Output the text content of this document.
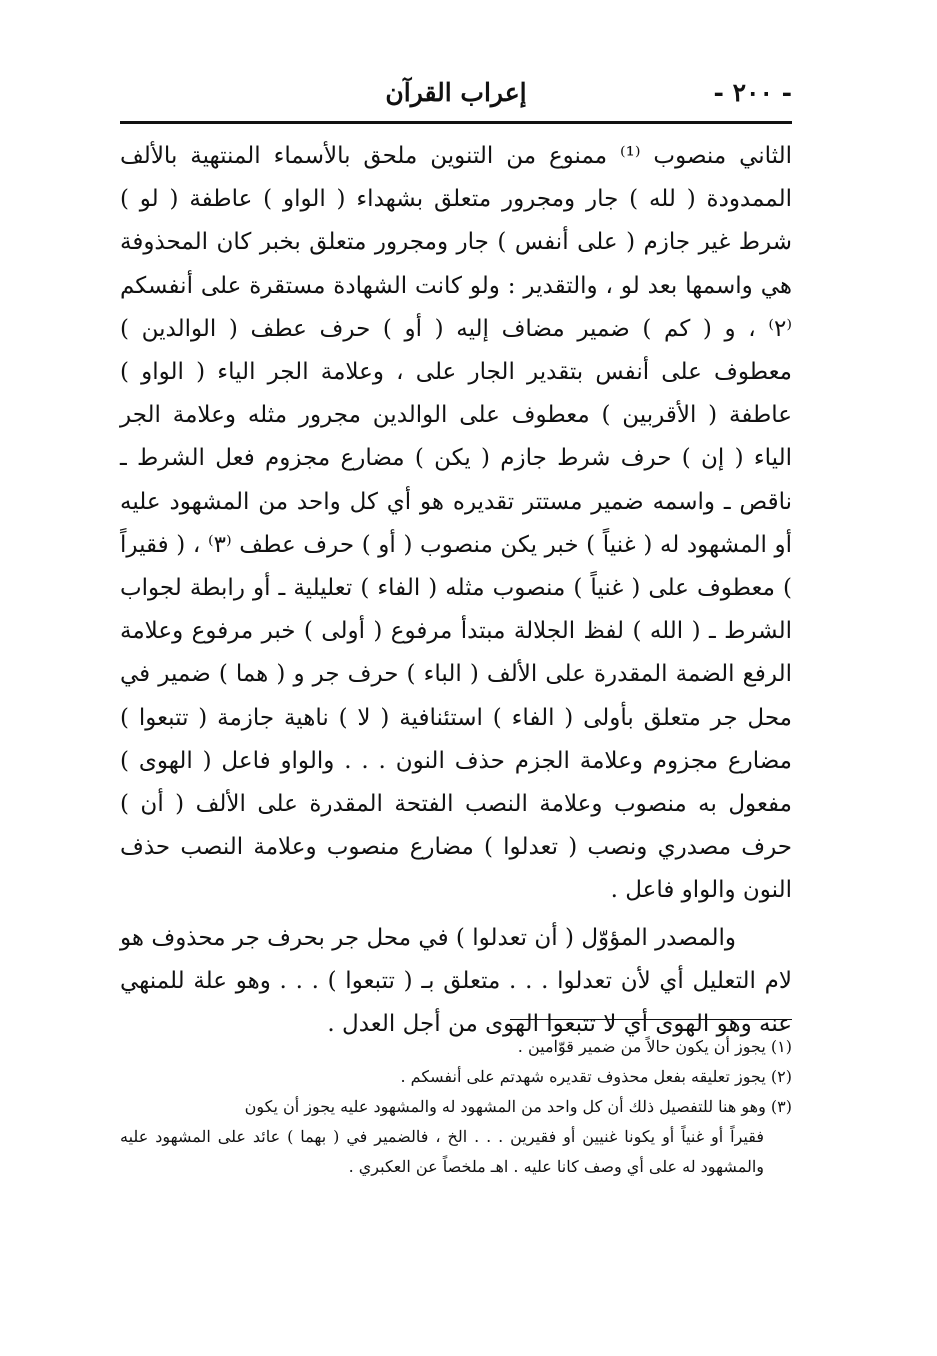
- ٢٠٠ -
إعراب القرآن

الثاني منصوب ⁽¹⁾ ممنوع من التنوين ملحق بالأسماء المنتهية بالألف الممدودة ( لله ) جار ومجرور متعلق بشهداء ( الواو ) عاطفة ( لو ) شرط غير جازم ( على أنفس ) جار ومجرور متعلق بخبر كان المحذوفة هي واسمها بعد لو ، والتقدير : ولو كانت الشهادة مستقرة على أنفسكم ⁽٢⁾ ، و ( كم ) ضمير مضاف إليه ( أو ) حرف عطف ( الوالدين ) معطوف على أنفس بتقدير الجار على ، وعلامة الجر الياء ( الواو ) عاطفة ( الأقربين ) معطوف على الوالدين مجرور مثله وعلامة الجر الياء ( إن ) حرف شرط جازم ( يكن ) مضارع مجزوم فعل الشرط ـ ناقص ـ واسمه ضمير مستتر تقديره هو أي كل واحد من المشهود عليه أو المشهود له ( غنياً ) خبر يكن منصوب ( أو ) حرف عطف ⁽٣⁾ ، ( فقيراً ) معطوف على ( غنياً ) منصوب مثله ( الفاء ) تعليلية ـ أو رابطة لجواب الشرط ـ ( الله ) لفظ الجلالة مبتدأ مرفوع ( أولى ) خبر مرفوع وعلامة الرفع الضمة المقدرة على الألف ( الباء ) حرف جر و ( هما ) ضمير في محل جر متعلق بأولى ( الفاء ) استئنافية ( لا ) ناهية جازمة ( تتبعوا ) مضارع مجزوم وعلامة الجزم حذف النون . . . والواو فاعل ( الهوى ) مفعول به منصوب وعلامة النصب الفتحة المقدرة على الألف ( أن ) حرف مصدري ونصب ( تعدلوا ) مضارع منصوب وعلامة النصب حذف النون والواو فاعل .

والمصدر المؤوّل ( أن تعدلوا ) في محل جر بحرف جر محذوف هو لام التعليل أي لأن تعدلوا . . . متعلق بـ ( تتبعوا ) . . . وهو علة للمنهي عنه وهو الهوى أي لا تتبعوا الهوى من أجل العدل .

(١) يجوز أن يكون حالاً من ضمير قوّامين .

(٢) يجوز تعليقه بفعل محذوف تقديره شهدتم على أنفسكم .

(٣) وهو هنا للتفصيل ذلك أن كل واحد من المشهود له والمشهود عليه يجوز أن يكون

فقيراً أو غنياً أو يكونا غنيين أو فقيرين . . . الخ ، فالضمير في ( بهما ) عائد على المشهود عليه والمشهود له على أي وصف كانا عليه . اهـ ملخصاً عن العكبري .
